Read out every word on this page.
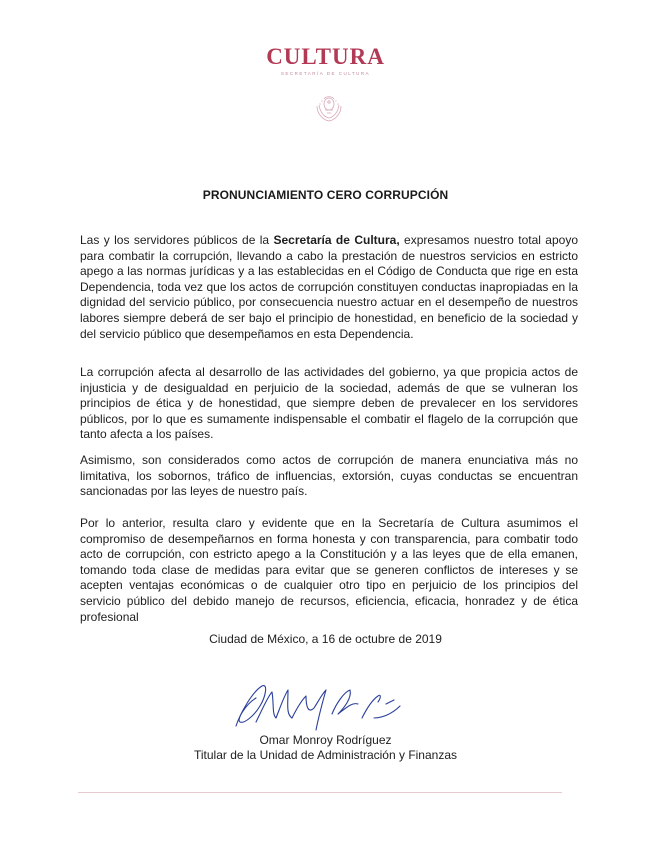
CULTURA
SECRETARÍA DE CULTURA
PRONUNCIAMIENTO CERO CORRUPCIÓN

Las y los servidores públicos de la Secretaría de Cultura, expresamos nuestro total apoyo para combatir la corrupción, llevando a cabo la prestación de nuestros servicios en estricto apego a las normas jurídicas y a las establecidas en el Código de Conducta que rige en esta Dependencia, toda vez que los actos de corrupción constituyen conductas inapropiadas en la dignidad del servicio público, por consecuencia nuestro actuar en el desempeño de nuestros labores siempre deberá de ser bajo el principio de honestidad, en beneficio de la sociedad y del servicio público que desempeñamos en esta Dependencia.

La corrupción afecta al desarrollo de las actividades del gobierno, ya que propicia actos de injusticia y de desigualdad en perjuicio de la sociedad, además de que se vulneran los principios de ética y de honestidad, que siempre deben de prevalecer en los servidores públicos, por lo que es sumamente indispensable el combatir el flagelo de la corrupción que tanto afecta a los países.

Asimismo, son considerados como actos de corrupción de manera enunciativa más no limitativa, los sobornos, tráfico de influencias, extorsión, cuyas conductas se encuentran sancionadas por las leyes de nuestro país.

Por lo anterior, resulta claro y evidente que en la Secretaría de Cultura asumimos el compromiso de desempeñarnos en forma honesta y con transparencia, para combatir todo acto de corrupción, con estricto apego a la Constitución y a las leyes que de ella emanen, tomando toda clase de medidas para evitar que se generen conflictos de intereses y se acepten ventajas económicas o de cualquier otro tipo en perjuicio de los principios del servicio público del debido manejo de recursos, eficiencia, eficacia, honradez y de ética profesional

Ciudad de México, a 16 de octubre de 2019
Omar Monroy Rodríguez
Titular de la Unidad de Administración y Finanzas
